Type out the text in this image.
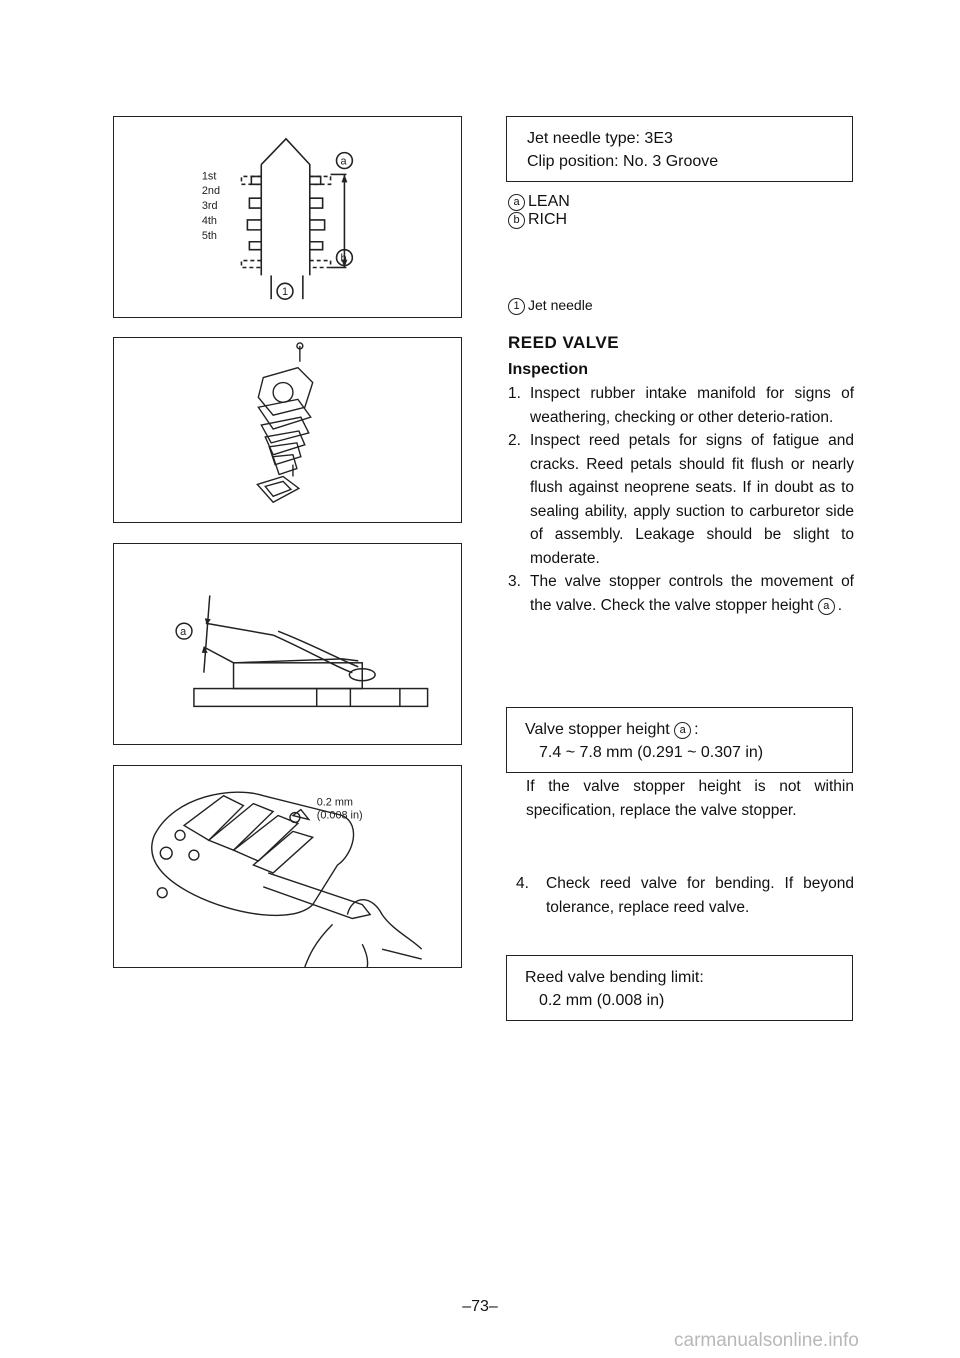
1st
2nd
3rd
4th
5th
a
b
1
a
0.2 mm
(0.008 in)
Jet needle type: 3E3
Clip position: No. 3 Groove
a LEAN
b RICH
1 Jet needle
REED VALVE
Inspection
1. Inspect rubber intake manifold for signs of weathering, checking or other deterio-ration.
2. Inspect reed petals for signs of fatigue and cracks. Reed petals should fit flush or nearly flush against neoprene seats. If in doubt as to sealing ability, apply suction to carburetor side of assembly. Leakage should be slight to moderate.
3. The valve stopper controls the movement of the valve. Check the valve stopper height a .
Valve stopper height a :
7.4 ~ 7.8 mm (0.291 ~ 0.307 in)
If the valve stopper height is not within specification, replace the valve stopper.
4. Check reed valve for bending. If beyond tolerance, replace reed valve.
Reed valve bending limit:
0.2 mm (0.008 in)
–73–
carmanualsonline.info
